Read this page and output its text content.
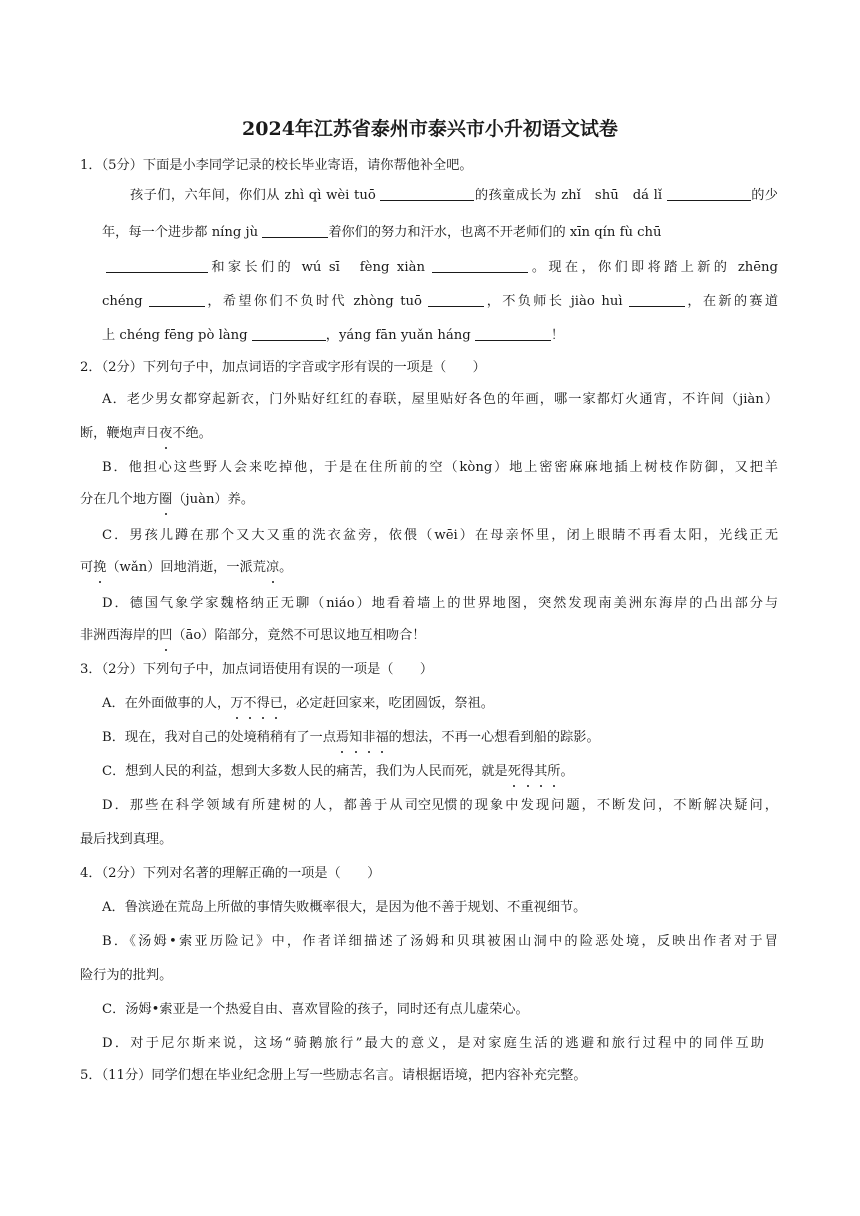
2024年江苏省泰州市泰兴市小升初语文试卷
1．（5分）下面是小李同学记录的校长毕业寄语，请你帮他补全吧。
孩子们，六年间，你们从 zhì qì wèi tuō	的孩童成长为 zhǐ　shū　dá lǐ	的少
年，每一个进步都 níng jù	着你们的努力和汗水，也离不开老师们的 xīn qín fù chū
和家长们的 wú sī　fèng xiàn	。现在，你们即将踏上新的 zhēng
chéng	，希望你们不负时代 zhòng tuō	，不负师长 jiào huì	，在新的赛道
上 chéng fēng pò làng	，yáng fān yuǎn háng	！
2．（2分）下列句子中，加点词语的字音或字形有误的一项是（　　）
A．老少男女都穿起新衣，门外贴好红红的春联，屋里贴好各色的年画，哪一家都灯火通宵，不许间（jiàn）
断，鞭炮声日夜不绝。
B．他担心这些野人会来吃掉他，于是在住所前的空（kòng）地上密密麻麻地插上树枝作防御，又把羊
分在几个地方圈（juàn）养。
C．男孩儿蹲在那个又大又重的洗衣盆旁，依偎（wēi）在母亲怀里，闭上眼睛不再看太阳，光线正无
可挽（wǎn）回地消逝，一派荒凉。
D．德国气象学家魏格纳正无聊（niáo）地看着墙上的世界地图，突然发现南美洲东海岸的凸出部分与
非洲西海岸的凹（āo）陷部分，竟然不可思议地互相吻合！
3．（2分）下列句子中，加点词语使用有误的一项是（　　）
A．在外面做事的人，万不得已，必定赶回家来，吃团圆饭，祭祖。
B．现在，我对自己的处境稍稍有了一点焉知非福的想法，不再一心想看到船的踪影。
C．想到人民的利益，想到大多数人民的痛苦，我们为人民而死，就是死得其所。
D．那些在科学领域有所建树的人，都善于从司空见惯的现象中发现问题，不断发问，不断解决疑问，
最后找到真理。
4．（2分）下列对名著的理解正确的一项是（　　）
A．鲁滨逊在荒岛上所做的事情失败概率很大，是因为他不善于规划、不重视细节。
B．《汤姆•索亚历险记》中，作者详细描述了汤姆和贝琪被困山洞中的险恶处境，反映出作者对于冒
险行为的批判。
C．汤姆•索亚是一个热爱自由、喜欢冒险的孩子，同时还有点儿虚荣心。
D．对于尼尔斯来说，这场“骑鹅旅行”最大的意义，是对家庭生活的逃避和旅行过程中的同伴互助
5．（11分）同学们想在毕业纪念册上写一些励志名言。请根据语境，把内容补充完整。
